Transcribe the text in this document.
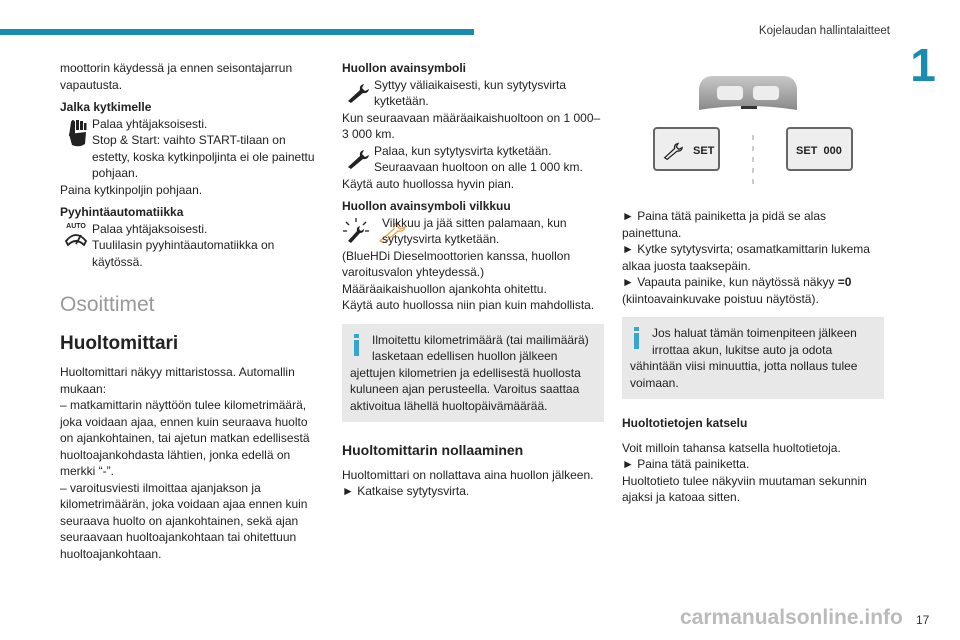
Kojelaudan hallintalaitteet
1

moottorin käydessä ja ennen seisontajarrun vapautusta.

Jalka kytkimelle

Palaa yhtäjaksoisesti.

Stop & Start: vaihto START-tilaan on estetty, koska kytkinpoljinta ei ole painettu pohjaan.

Paina kytkinpoljin pohjaan.

Pyyhintäautomatiikka

AUTO Palaa yhtäjaksoisesti.

Tuulilasin pyyhintäautomatiikka on käytössä.

Osoittimet
Huoltomittari

Huoltomittari näkyy mittaristossa. Automallin mukaan:

– matkamittarin näyttöön tulee kilometrimäärä, joka voidaan ajaa, ennen kuin seuraava huolto on ajankohtainen, tai ajetun matkan edellisestä huoltoajankohdasta lähtien, jonka edellä on merkki “-”.

– varoitusviesti ilmoittaa ajanjakson ja kilometrimäärän, joka voidaan ajaa ennen kuin seuraava huolto on ajankohtainen, sekä ajan seuraavaan huoltoajankohtaan tai ohitettuun huoltoajankohtaan.

Huollon avainsymboli

Syttyy väliaikaisesti, kun sytytysvirta kytketään.

Kun seuraavaan määräaikaishuoltoon on 1 000–3 000 km.

Palaa, kun sytytysvirta kytketään. Seuraavaan huoltoon on alle 1 000 km.

Käytä auto huollossa hyvin pian.

Huollon avainsymboli vilkkuu

Vilkkuu ja jää sitten palamaan, kun sytytysvirta kytketään.

(BlueHDi Dieselmoottorien kanssa, huollon varoitusvalon yhteydessä.)

Määräaikaishuollon ajankohta ohitettu.

Käytä auto huollossa niin pian kuin mahdollista.

Ilmoitettu kilometrimäärä (tai mailimäärä) lasketaan edellisen huollon jälkeen

ajettujen kilometrien ja edellisestä huollosta kuluneen ajan perusteella. Varoitus saattaa aktivoitua lähellä huoltopäivämäärää.

Huoltomittarin nollaaminen

Huoltomittari on nollattava aina huollon jälkeen.

► Katkaise sytytysvirta.

SET	SET  000

► Paina tätä painiketta ja pidä se alas painettuna.

► Kytke sytytysvirta; osamatkamittarin lukema alkaa juosta taaksepäin.

► Vapauta painike, kun näytössä näkyy =0 (kiintoavainkuvake poistuu näytöstä).

Jos haluat tämän toimenpiteen jälkeen irrottaa akun, lukitse auto ja odota

vähintään viisi minuuttia, jotta nollaus tulee voimaan.

Huoltotietojen katselu

Voit milloin tahansa katsella huoltotietoja.

► Paina tätä painiketta.

Huoltotieto tulee näkyviin muutaman sekunnin ajaksi ja katoaa sitten.

carmanualsonline.info 17
